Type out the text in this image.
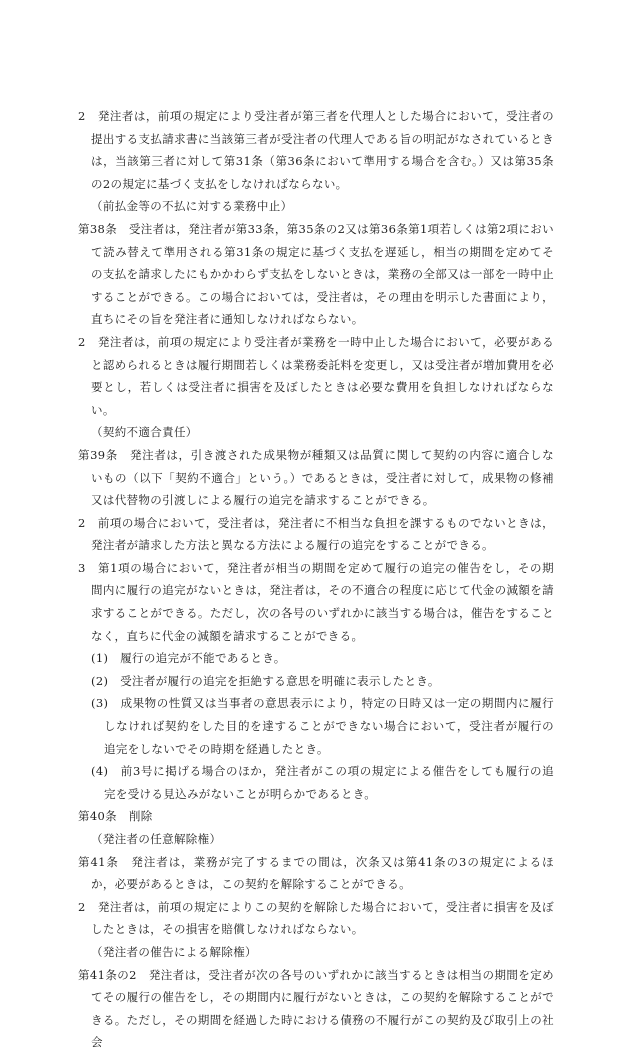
2　発注者は，前項の規定により受注者が第三者を代理人とした場合において，受注者の提出する支払請求書に当該第三者が受注者の代理人である旨の明記がなされているときは，当該第三者に対して第31条（第36条において準用する場合を含む。）又は第35条の2の規定に基づく支払をしなければならない。

（前払金等の不払に対する業務中止）

第38条　受注者は，発注者が第33条，第35条の2又は第36条第1項若しくは第2項において読み替えて準用される第31条の規定に基づく支払を遅延し，相当の期間を定めてその支払を請求したにもかかわらず支払をしないときは，業務の全部又は一部を一時中止することができる。この場合においては，受注者は，その理由を明示した書面により，直ちにその旨を発注者に通知しなければならない。

2　発注者は，前項の規定により受注者が業務を一時中止した場合において，必要があると認められるときは履行期間若しくは業務委託料を変更し，又は受注者が増加費用を必要とし，若しくは受注者に損害を及ぼしたときは必要な費用を負担しなければならない。

（契約不適合責任）

第39条　発注者は，引き渡された成果物が種類又は品質に関して契約の内容に適合しないもの（以下「契約不適合」という。）であるときは，受注者に対して，成果物の修補又は代替物の引渡しによる履行の追完を請求することができる。

2　前項の場合において，受注者は，発注者に不相当な負担を課するものでないときは，発注者が請求した方法と異なる方法による履行の追完をすることができる。

3　第1項の場合において，発注者が相当の期間を定めて履行の追完の催告をし，その期間内に履行の追完がないときは，発注者は，その不適合の程度に応じて代金の減額を請求することができる。ただし，次の各号のいずれかに該当する場合は，催告をすることなく，直ちに代金の減額を請求することができる。

(1)　履行の追完が不能であるとき。

(2)　受注者が履行の追完を拒絶する意思を明確に表示したとき。

(3)　成果物の性質又は当事者の意思表示により，特定の日時又は一定の期間内に履行しなければ契約をした目的を達することができない場合において，受注者が履行の追完をしないでその時期を経過したとき。

(4)　前3号に掲げる場合のほか，発注者がこの項の規定による催告をしても履行の追完を受ける見込みがないことが明らかであるとき。

第40条　削除

（発注者の任意解除権）

第41条　発注者は，業務が完了するまでの間は，次条又は第41条の3の規定によるほか，必要があるときは，この契約を解除することができる。

2　発注者は，前項の規定によりこの契約を解除した場合において，受注者に損害を及ぼしたときは，その損害を賠償しなければならない。

（発注者の催告による解除権）

第41条の2　発注者は，受注者が次の各号のいずれかに該当するときは相当の期間を定めてその履行の催告をし，その期間内に履行がないときは，この契約を解除することができる。ただし，その期間を経過した時における債務の不履行がこの契約及び取引上の社会
